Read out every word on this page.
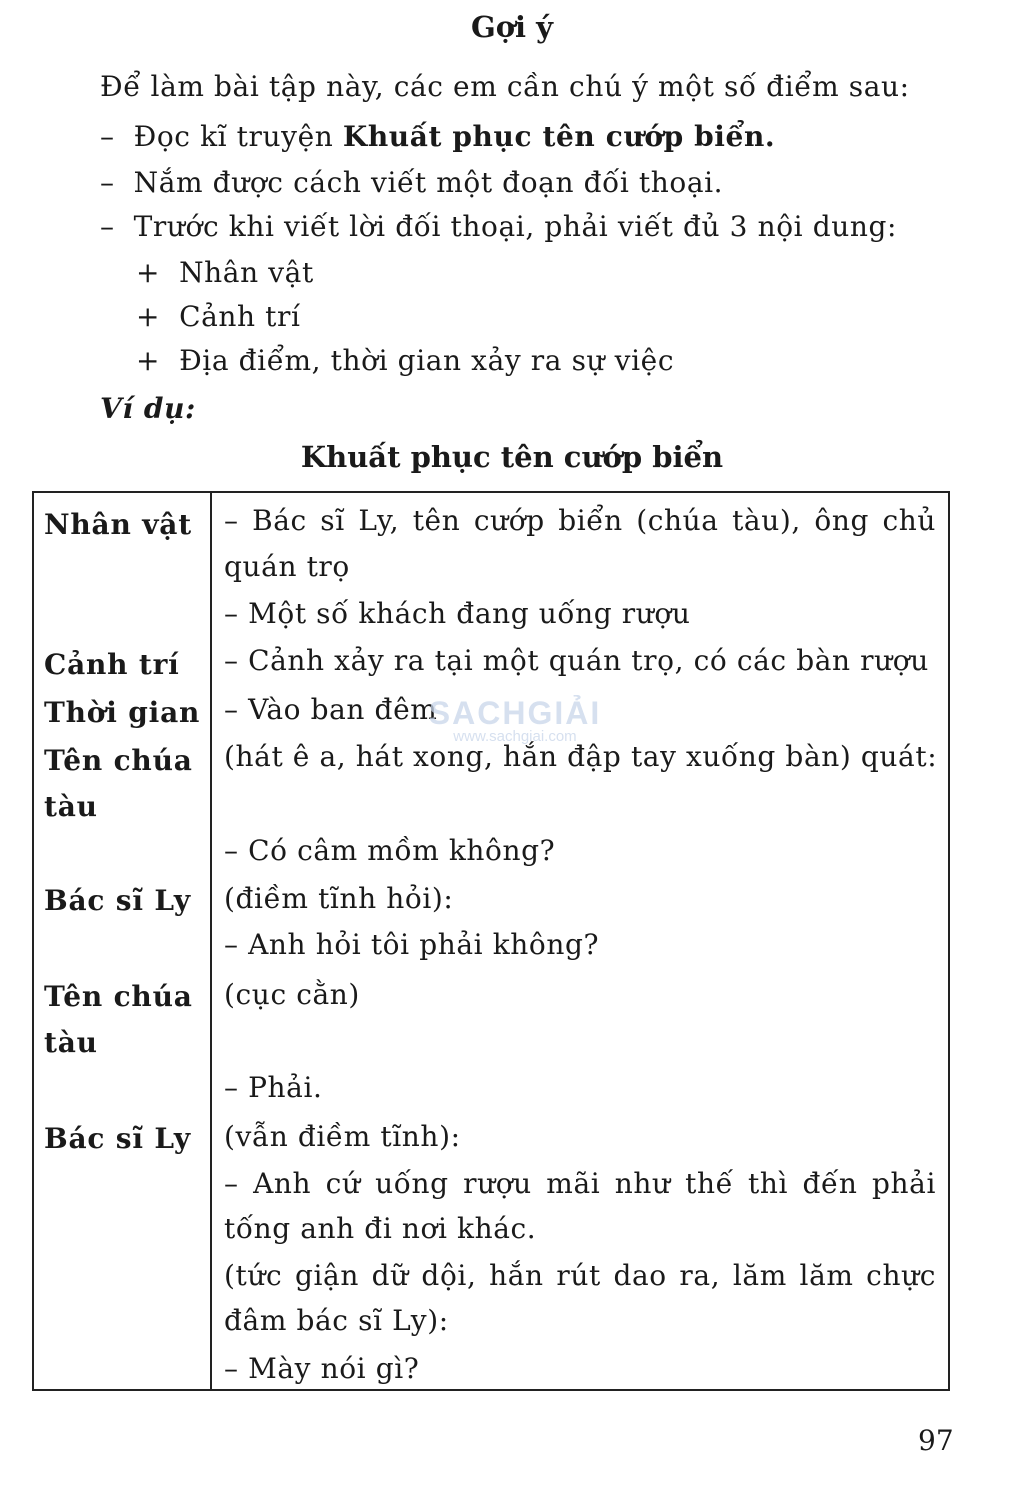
Gợi ý
Để làm bài tập này, các em cần chú ý một số điểm sau:
– Đọc kĩ truyện Khuất phục tên cướp biển.
– Nắm được cách viết một đoạn đối thoại.
– Trước khi viết lời đối thoại, phải viết đủ 3 nội dung:
+ Nhân vật
+ Cảnh trí
+ Địa điểm, thời gian xảy ra sự việc
Ví dụ:
Khuất phục tên cướp biển
Nhân vật
Cảnh trí
Thời gian
Tên chúa
tàu
Bác sĩ Ly
Tên chúa
tàu
Bác sĩ Ly
– Bác sĩ Ly, tên cướp biển (chúa tàu), ông chủ
quán trọ
– Một số khách đang uống rượu
– Cảnh xảy ra tại một quán trọ, có các bàn rượu
– Vào ban đêm
(hát ê a, hát xong, hắn đập tay xuống bàn) quát:
– Có câm mồm không?
(điềm tĩnh hỏi):
– Anh hỏi tôi phải không?
(cục cằn)
– Phải.
(vẫn điềm tĩnh):
– Anh cứ uống rượu mãi như thế thì đến phải
tống anh đi nơi khác.
(tức giận dữ dội, hắn rút dao ra, lăm lăm chực
đâm bác sĩ Ly):
– Mày nói gì?
SACHGIẢI
www.sachgiai.com
97
